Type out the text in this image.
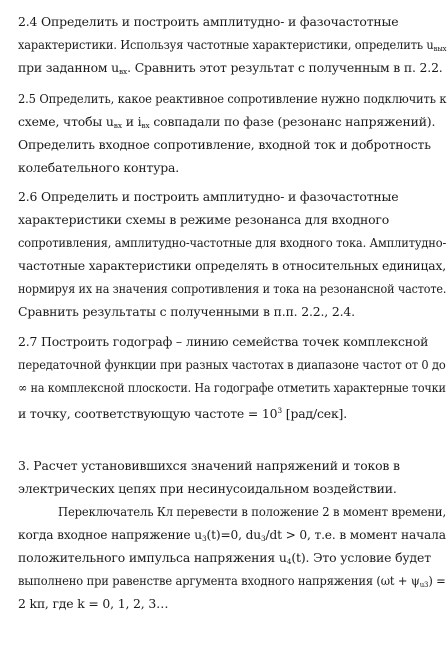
2.4 Определить и построить амплитудно- и фазочастотные
характеристики. Используя частотные характеристики, определить $u_{вых}$
при заданном $u_{вх}$. Сравнить этот результат с полученным в п. 2.2.
2.5 Определить, какое реактивное сопротивление нужно подключить к
схеме, чтобы $u_{вх}$ и $i_{вх}$ совпадали по фазе (резонанс напряжений).
Определить входное сопротивление, входной ток и добротность
колебательного контура.
2.6 Определить и построить амплитудно- и фазочастотные
характеристики схемы в режиме резонанса для входного
сопротивления, амплитудно-частотные для входного тока. Амплитудно-
частотные характеристики определять в относительных единицах,
нормируя их на значения сопротивления и тока на резонансной частоте.
Сравнить результаты с полученными в п.п. 2.2., 2.4.
2.7 Построить годограф – линию семейства точек комплексной
передаточной функции при разных частотах в диапазоне частот от 0 до
∞ на комплексной плоскости. На годографе отметить характерные точки
и точку, соответствующую частоте = $10^3$ [рад/сек].
3. Расчет установившихся значений напряжений и токов в
электрических цепях при несинусоидальном воздействии.
Переключатель Кл перевести в положение 2 в момент времени,
когда входное напряжение $u_3(t)=0$, $du_3/dt > 0$, т.е. в момент начала
положительного импульса напряжения $u_4(t)$. Это условие будет
выполнено при равенстве аргумента входного напряжения $(\omega t + \psi_{u3})$ =
2 kπ, где k = 0, 1, 2, 3…
